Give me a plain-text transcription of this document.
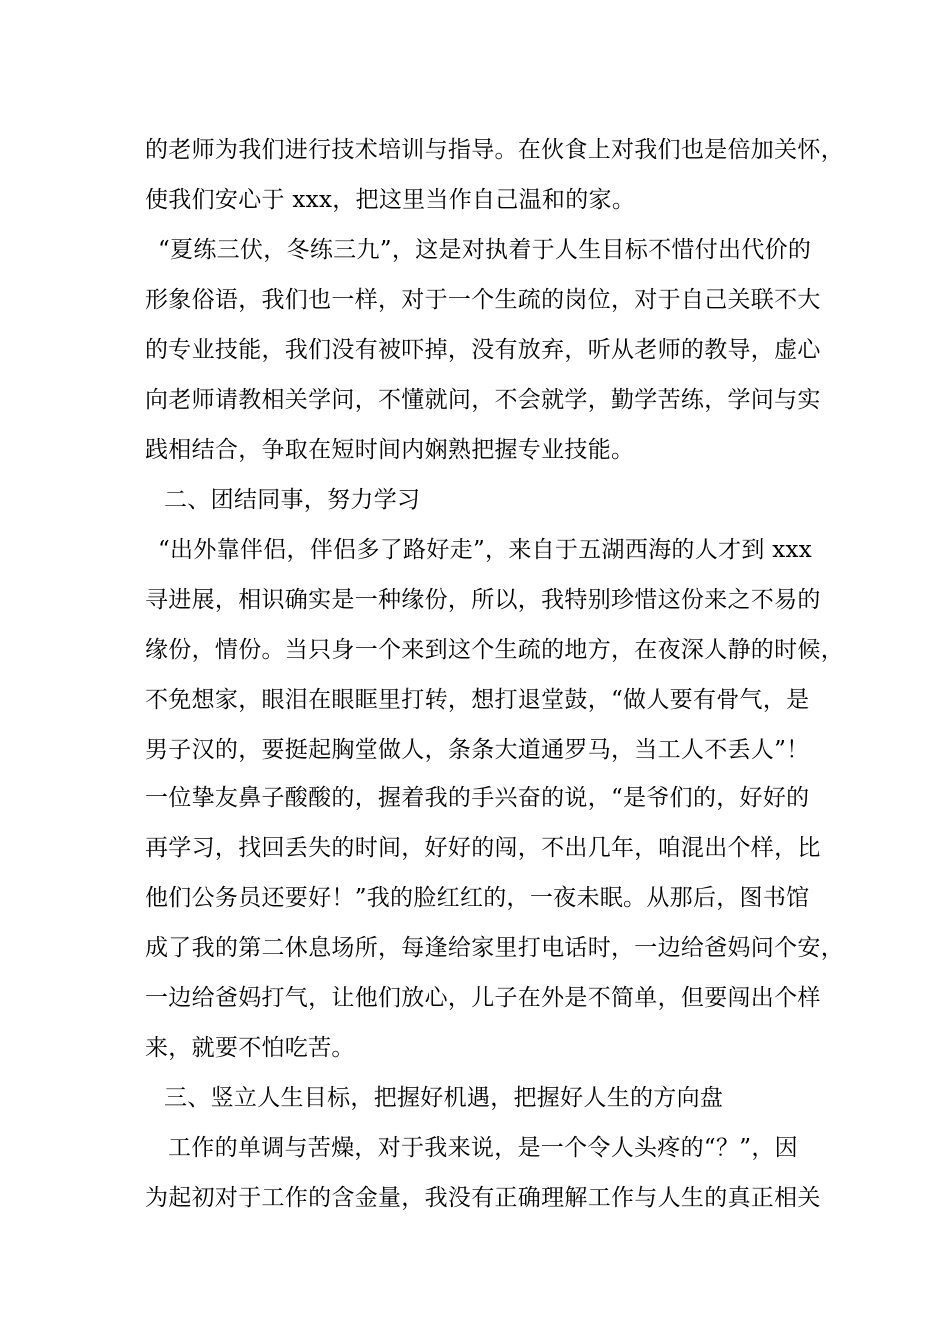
的老师为我们进行技术培训与指导。在伙食上对我们也是倍加关怀，
使我们安心于 xxx，把这里当作自己温和的家。
“夏练三伏，冬练三九”，这是对执着于人生目标不惜付出代价的
形象俗语，我们也一样，对于一个生疏的岗位，对于自己关联不大
的专业技能，我们没有被吓掉，没有放弃，听从老师的教导，虚心
向老师请教相关学问，不懂就问，不会就学，勤学苦练，学问与实
践相结合，争取在短时间内娴熟把握专业技能。
二、团结同事，努力学习
“出外靠伴侣，伴侣多了路好走”，来自于五湖西海的人才到 xxx
寻进展，相识确实是一种缘份，所以，我特别珍惜这份来之不易的
缘份，情份。当只身一个来到这个生疏的地方，在夜深人静的时候，
不免想家，眼泪在眼眶里打转，想打退堂鼓，“做人要有骨气，是
男子汉的，要挺起胸堂做人，条条大道通罗马，当工人不丢人”！
一位挚友鼻子酸酸的，握着我的手兴奋的说，“是爷们的，好好的
再学习，找回丢失的时间，好好的闯，不出几年，咱混出个样，比
他们公务员还要好！”我的脸红红的，一夜未眠。从那后，图书馆
成了我的第二休息场所，每逢给家里打电话时，一边给爸妈问个安，
一边给爸妈打气，让他们放心，儿子在外是不简单，但要闯出个样
来，就要不怕吃苦。
三、竖立人生目标，把握好机遇，把握好人生的方向盘
工作的单调与苦燥，对于我来说，是一个令人头疼的“？”，因
为起初对于工作的含金量，我没有正确理解工作与人生的真正相关
